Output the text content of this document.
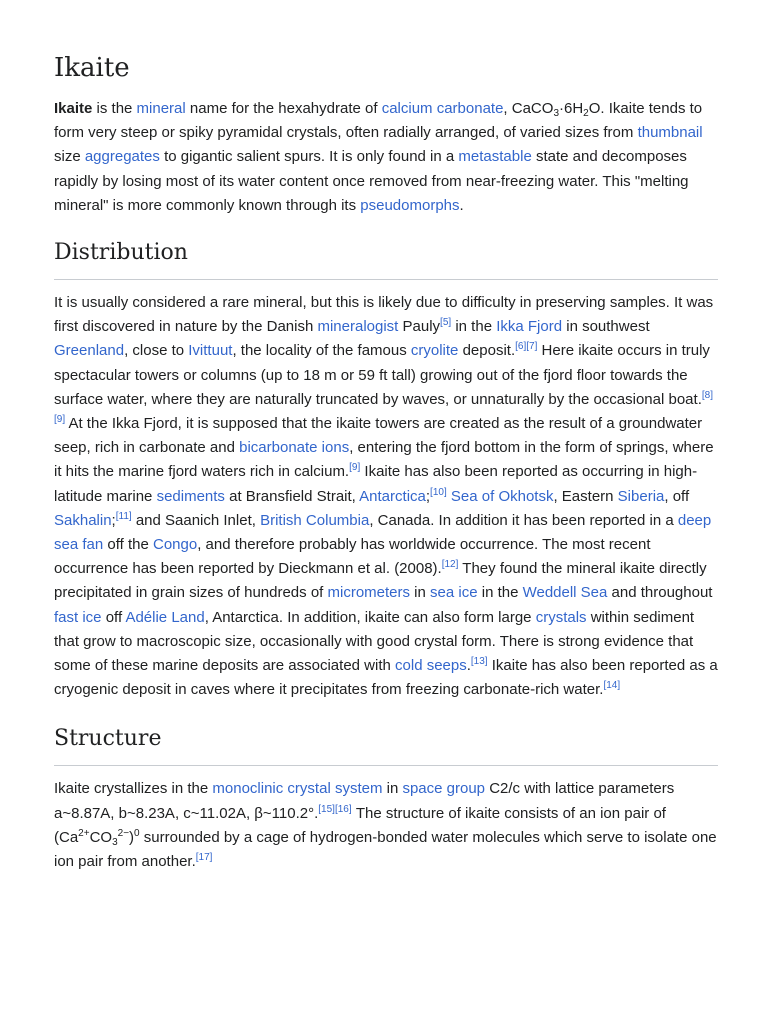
Ikaite

Ikaite is the mineral name for the hexahydrate of calcium carbonate, $CaCO_3\cdot 6H_2O$. Ikaite tends to form very steep or spiky pyramidal crystals, often radially arranged, of varied sizes from thumbnail size aggregates to gigantic salient spurs. It is only found in a metastable state and decomposes rapidly by losing most of its water content once removed from near-freezing water. This "melting mineral" is more commonly known through its pseudomorphs.

Distribution

It is usually considered a rare mineral, but this is likely due to difficulty in preserving samples. It was first discovered in nature by the Danish mineralogist Pauly[5] in the Ikka Fjord in southwest Greenland, close to Ivittuut, the locality of the famous cryolite deposit.[6][7] Here ikaite occurs in truly spectacular towers or columns (up to 18 m or 59 ft tall) growing out of the fjord floor towards the surface water, where they are naturally truncated by waves, or unnaturally by the occasional boat.[8][9] At the Ikka Fjord, it is supposed that the ikaite towers are created as the result of a groundwater seep, rich in carbonate and bicarbonate ions, entering the fjord bottom in the form of springs, where it hits the marine fjord waters rich in calcium.[9] Ikaite has also been reported as occurring in high-latitude marine sediments at Bransfield Strait, Antarctica;[10] Sea of Okhotsk, Eastern Siberia, off Sakhalin;[11] and Saanich Inlet, British Columbia, Canada. In addition it has been reported in a deep sea fan off the Congo, and therefore probably has worldwide occurrence. The most recent occurrence has been reported by Dieckmann et al. (2008).[12] They found the mineral ikaite directly precipitated in grain sizes of hundreds of micrometers in sea ice in the Weddell Sea and throughout fast ice off Adélie Land, Antarctica. In addition, ikaite can also form large crystals within sediment that grow to macroscopic size, occasionally with good crystal form. There is strong evidence that some of these marine deposits are associated with cold seeps.[13] Ikaite has also been reported as a cryogenic deposit in caves where it precipitates from freezing carbonate-rich water.[14]

Structure

Ikaite crystallizes in the monoclinic crystal system in space group C2/c with lattice parameters a~8.87A, b~8.23A, c~11.02A, β~110.2°.[15][16] The structure of ikaite consists of an ion pair of $(Ca^{2+}CO_3^{2-})^0$ surrounded by a cage of hydrogen-bonded water molecules which serve to isolate one ion pair from another.[17]
